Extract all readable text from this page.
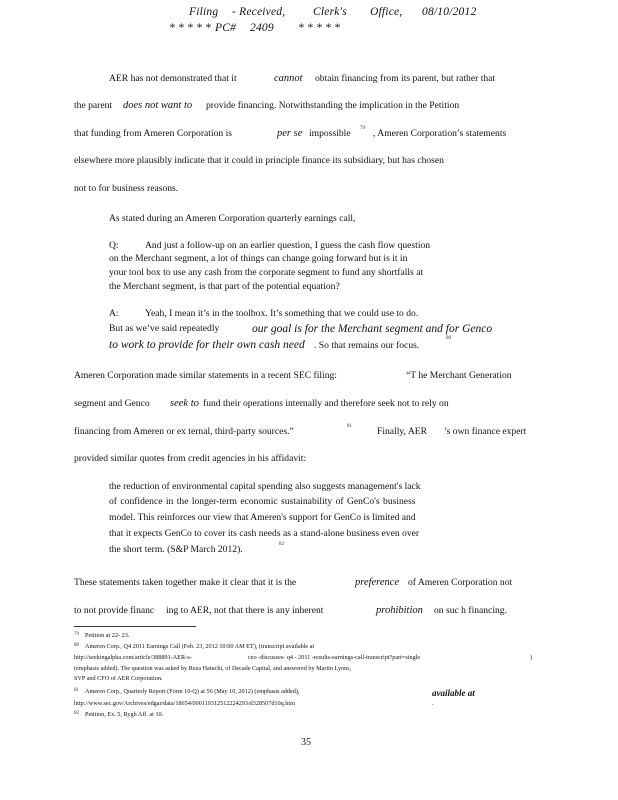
Filing - Received, Clerk's Office, 08/10/2012
* * * * * PC# 2409 * * * * *
AER has not demonstrated that it	cannot obtain financing from its parent, but rather that
the parent does not want to provide financing. Notwithstanding the implication in the Petition
that funding from Ameren Corporation is	per se impossible 79 , Ameren Corporation’s statements
elsewhere more plausibly indicate that it could in principle finance its subsidiary, but has chosen
not to for business reasons.
As stated during an Ameren Corporation quarterly earnings call,
Q:	And just a follow-up on an earlier question, I guess the cash flow question
on the Merchant segment, a lot of things can change going forward but is it in
your tool box to use any cash from the corporate segment to fund any shortfalls at
the Merchant segment, is that part of the potential equation?
A:	Yeah, I mean it’s in the toolbox. It’s something that we could use to do.
But as we’ve said repeatedly	our goal is for the Merchant segment and for Genco
to work to provide for their own cash need . So that remains our focus.
80
Ameren Corporation made similar statements in a recent SEC filing:	“T he Merchant Generation
segment and Genco seek to fund their operations internally and therefore seek not to rely on
financing from Ameren or ex ternal, third-party sources.”	81	Finally, AER ’s own finance expert
provided similar quotes from credit agencies in his affidavit:
the reduction of environmental capital spending also suggests management's lack
of confidence in the longer-term economic sustainability of GenCo's business
model. This reinforces our view that Ameren's support for GenCo is limited and
that it expects GenCo to cover its cash needs as a stand-alone business even over
the short term. (S&P March 2012).	82
These statements taken together make it clear that it is the	preference of Ameren Corporation not
to not provide financ ing to AER, not that there is any inherent	prohibition on suc h financing.
79 Petition at 22- 23.
80 Ameren Corp., Q4 2011 Earnings Call (Feb. 23, 2012 10:00 AM ET), (transcript available at
http://seekingalpha.com/article/388891-AER-s-	ceo -discusses- q4 - 2011 -results-earnings-call-transcript?part=single	)
(emphasis added). The question was asked by Reza Hatuchi, of Decade Capital, and answered by Martin Lyons,
SVP and CFO of AER Corporation.
81 Ameren Corp., Quarterly Report (Form 10-Q) at 56 (May 10, 2012) (emphasis added),	available at
http://www.sec.gov/Archives/edgar/data/18654/000119312512224293/d328507d10q.htm	.
82 Petition, Ex. 5, Rygh Aff. at 10.
35
